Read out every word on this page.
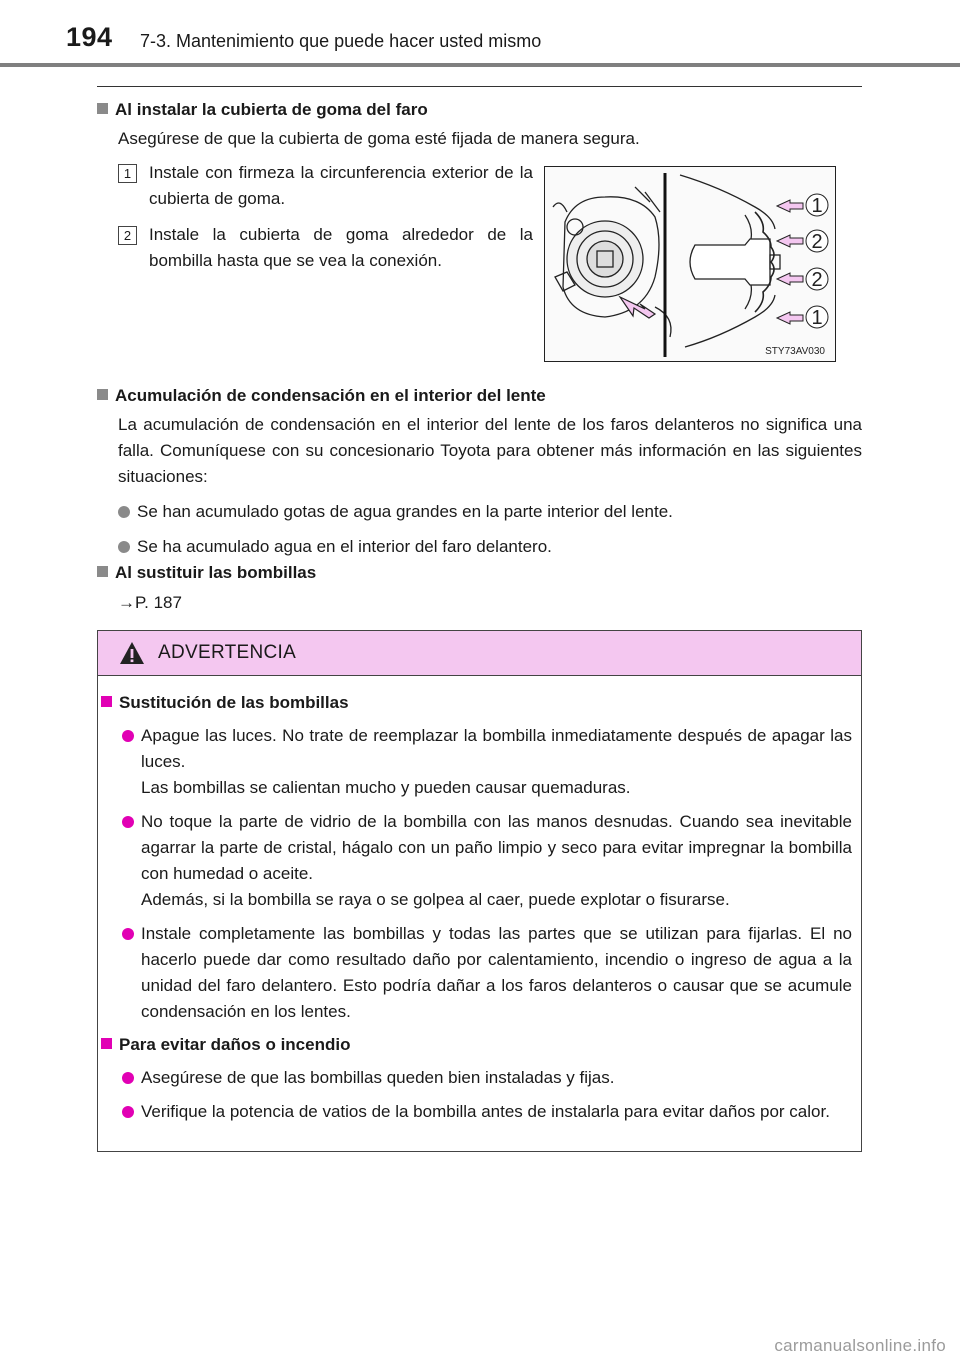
194 7-3. Mantenimiento que puede hacer usted mismo
Al instalar la cubierta de goma del faro
Asegúrese de que la cubierta de goma esté fijada de manera segura.
1	Instale con firmeza la circunferencia exterior de la cubierta de goma.
2	Instale la cubierta de goma alrededor de la bombilla hasta que se vea la conexión.
1
2
2
1
STY73AV030
Acumulación de condensación en el interior del lente
La acumulación de condensación en el interior del lente de los faros delanteros no significa una falla. Comuníquese con su concesionario Toyota para obtener más información en las siguientes situaciones:
Se han acumulado gotas de agua grandes en la parte interior del lente.
Se ha acumulado agua en el interior del faro delantero.
Al sustituir las bombillas
→P. 187
ADVERTENCIA
Sustitución de las bombillas
Apague las luces. No trate de reemplazar la bombilla inmediatamente después de apagar las luces.
Las bombillas se calientan mucho y pueden causar quemaduras.
No toque la parte de vidrio de la bombilla con las manos desnudas. Cuando sea inevitable agarrar la parte de cristal, hágalo con un paño limpio y seco para evitar impregnar la bombilla con humedad o aceite.
Además, si la bombilla se raya o se golpea al caer, puede explotar o fisurarse.
Instale completamente las bombillas y todas las partes que se utilizan para fijarlas. El no hacerlo puede dar como resultado daño por calentamiento, incendio o ingreso de agua a la unidad del faro delantero. Esto podría dañar a los faros delanteros o causar que se acumule condensación en los lentes.
Para evitar daños o incendio
Asegúrese de que las bombillas queden bien instaladas y fijas.
Verifique la potencia de vatios de la bombilla antes de instalarla para evitar daños por calor.
carmanualsonline.info
